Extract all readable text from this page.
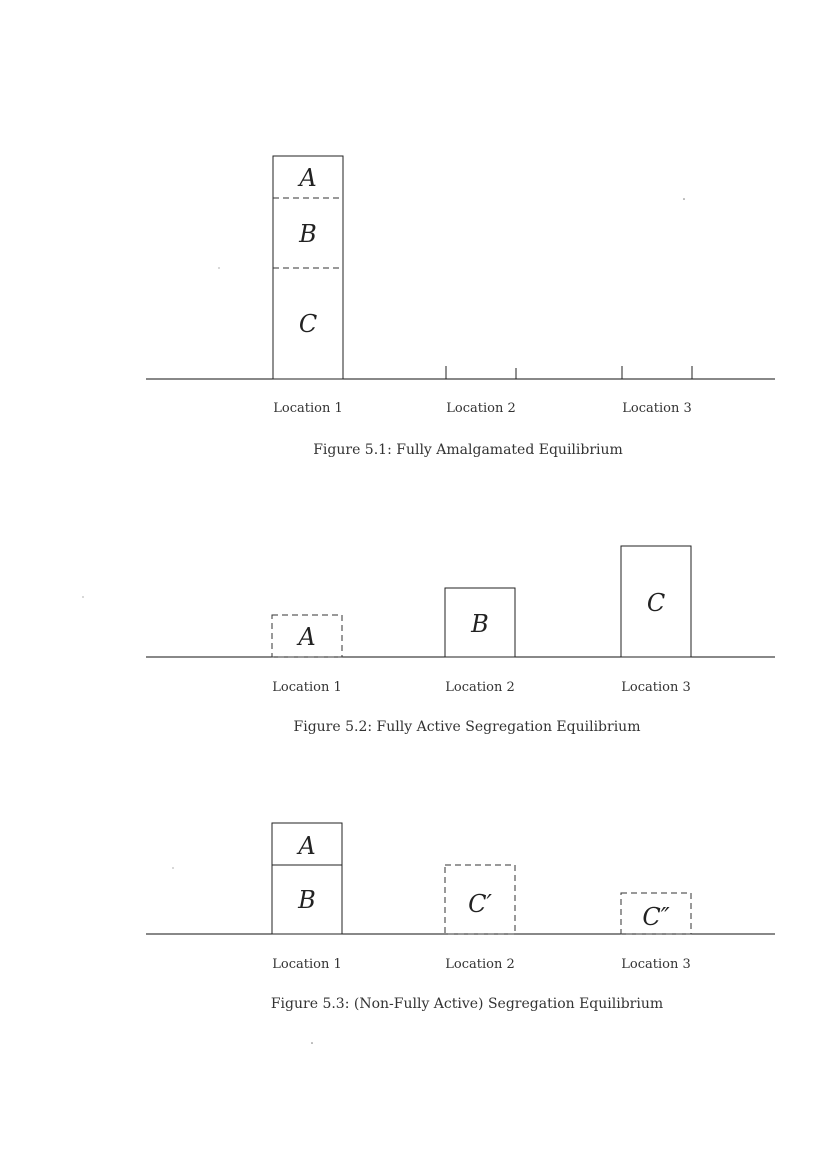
A
B
C
Location 1	Location 2	Location 3
Figure 5.1: Fully Amalgamated Equilibrium
A	B
C
Location 1	Location 2	Location 3
Figure 5.2: Fully Active Segregation Equilibrium
A
B	C′	C″
Location 1	Location 2	Location 3
Figure 5.3: (Non-Fully Active) Segregation Equilibrium
